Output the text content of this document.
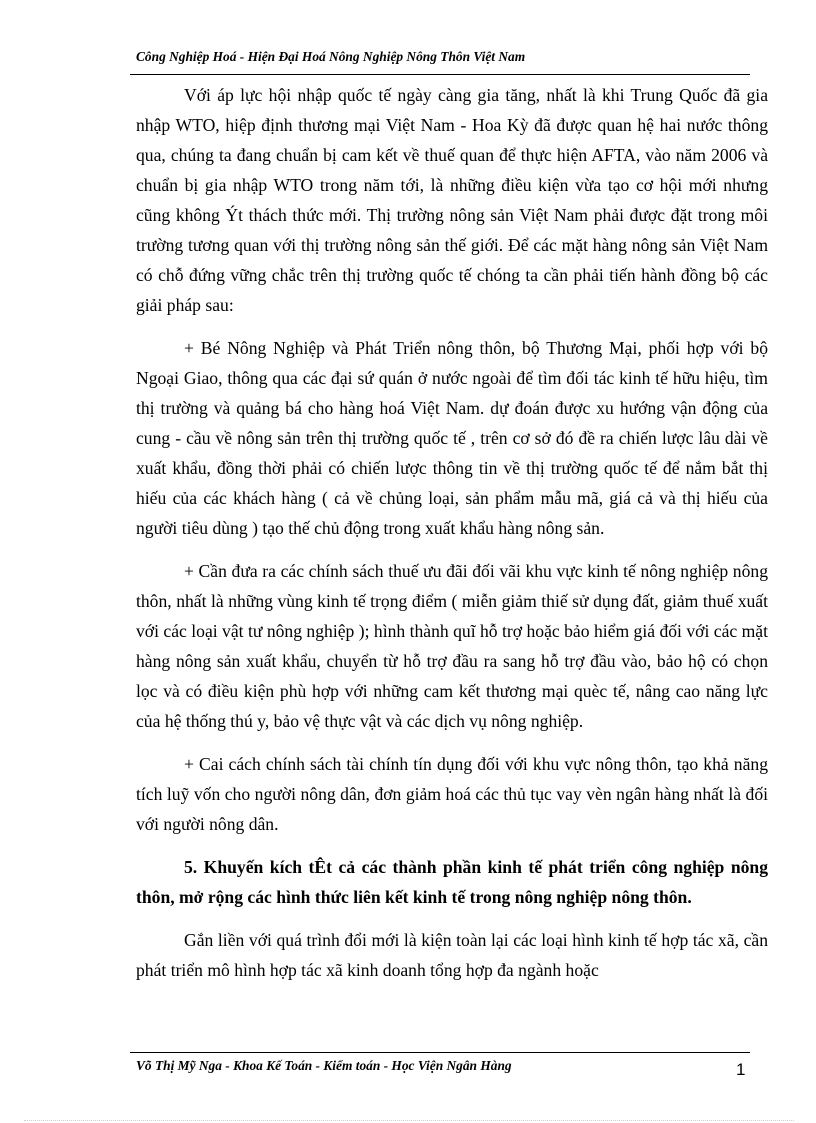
Công Nghiệp Hoá - Hiện Đại Hoá Nông Nghiệp Nông Thôn Việt Nam

Với áp lực hội nhập quốc tế ngày càng gia tăng, nhất là khi Trung Quốc đã gia nhập WTO, hiệp định thương mại Việt Nam - Hoa Kỳ đã được quan hệ hai nước thông qua, chúng ta đang chuẩn bị cam kết về thuế quan để thực hiện AFTA, vào năm 2006 và chuẩn bị gia nhập WTO trong năm tới, là những điều kiện vừa tạo cơ hội mới nhưng cũng không Ýt thách thức mới. Thị trường nông sản Việt Nam phải được đặt trong môi trường tương quan với thị trường nông sản thế giới. Để các mặt hàng nông sản Việt Nam có chỗ đứng vững chắc trên thị trường quốc tế chóng ta cần phải tiến hành đồng bộ các giải pháp sau:

+ Bé Nông Nghiệp và Phát Triển nông thôn, bộ Thương Mại, phối hợp với bộ Ngoại Giao, thông qua các đại sứ quán ở nước ngoài để tìm đối tác kinh tế hữu hiệu, tìm thị trường và quảng bá cho hàng hoá Việt Nam. dự đoán được xu hướng vận động của cung - cầu về nông sản trên thị trường quốc tế , trên cơ sở đó đề ra chiến lược lâu dài về xuất khẩu, đồng thời phải có chiến lược thông tin về thị trường quốc tế để nắm bắt thị hiếu của các khách hàng ( cả về chủng loại, sản phẩm mẫu mã, giá cả và thị hiếu của người tiêu dùng ) tạo thế chủ động trong xuất khẩu hàng nông sản.

+ Cần đưa ra các chính sách thuế ưu đãi đối vãi khu vực kinh tế nông nghiệp nông thôn, nhất là những vùng kinh tế trọng điểm ( miễn giảm thiế sử dụng đất, giảm thuế xuất với các loại vật tư nông nghiệp ); hình thành quĩ hỗ trợ hoặc bảo hiểm giá đối với các mặt hàng nông sản xuất khẩu, chuyển từ hỗ trợ đầu ra sang hỗ trợ đầu vào, bảo hộ có chọn lọc và có điều kiện phù hợp với những cam kết thương mại quèc tế, nâng cao năng lực của hệ thống thú y, bảo vệ thực vật và các dịch vụ nông nghiệp.

+ Cai cách chính sách tài chính tín dụng đối với khu vực nông thôn, tạo khả năng tích luỹ vốn cho người nông dân, đơn giảm hoá các thủ tục vay vèn ngân hàng nhất là đối với người nông dân.

5. Khuyến kích tÊt cả các thành phần kinh tế phát triển công nghiệp nông thôn, mở rộng các hình thức liên kết kinh tế trong nông nghiệp nông thôn.

Gắn liền với quá trình đổi mới là kiện toàn lại các loại hình kinh tế hợp tác xã, cần phát triển mô hình hợp tác xã kinh doanh tổng hợp đa ngành hoặc

Võ Thị Mỹ Nga - Khoa Kế Toán - Kiểm toán - Học Viện Ngân Hàng	1
